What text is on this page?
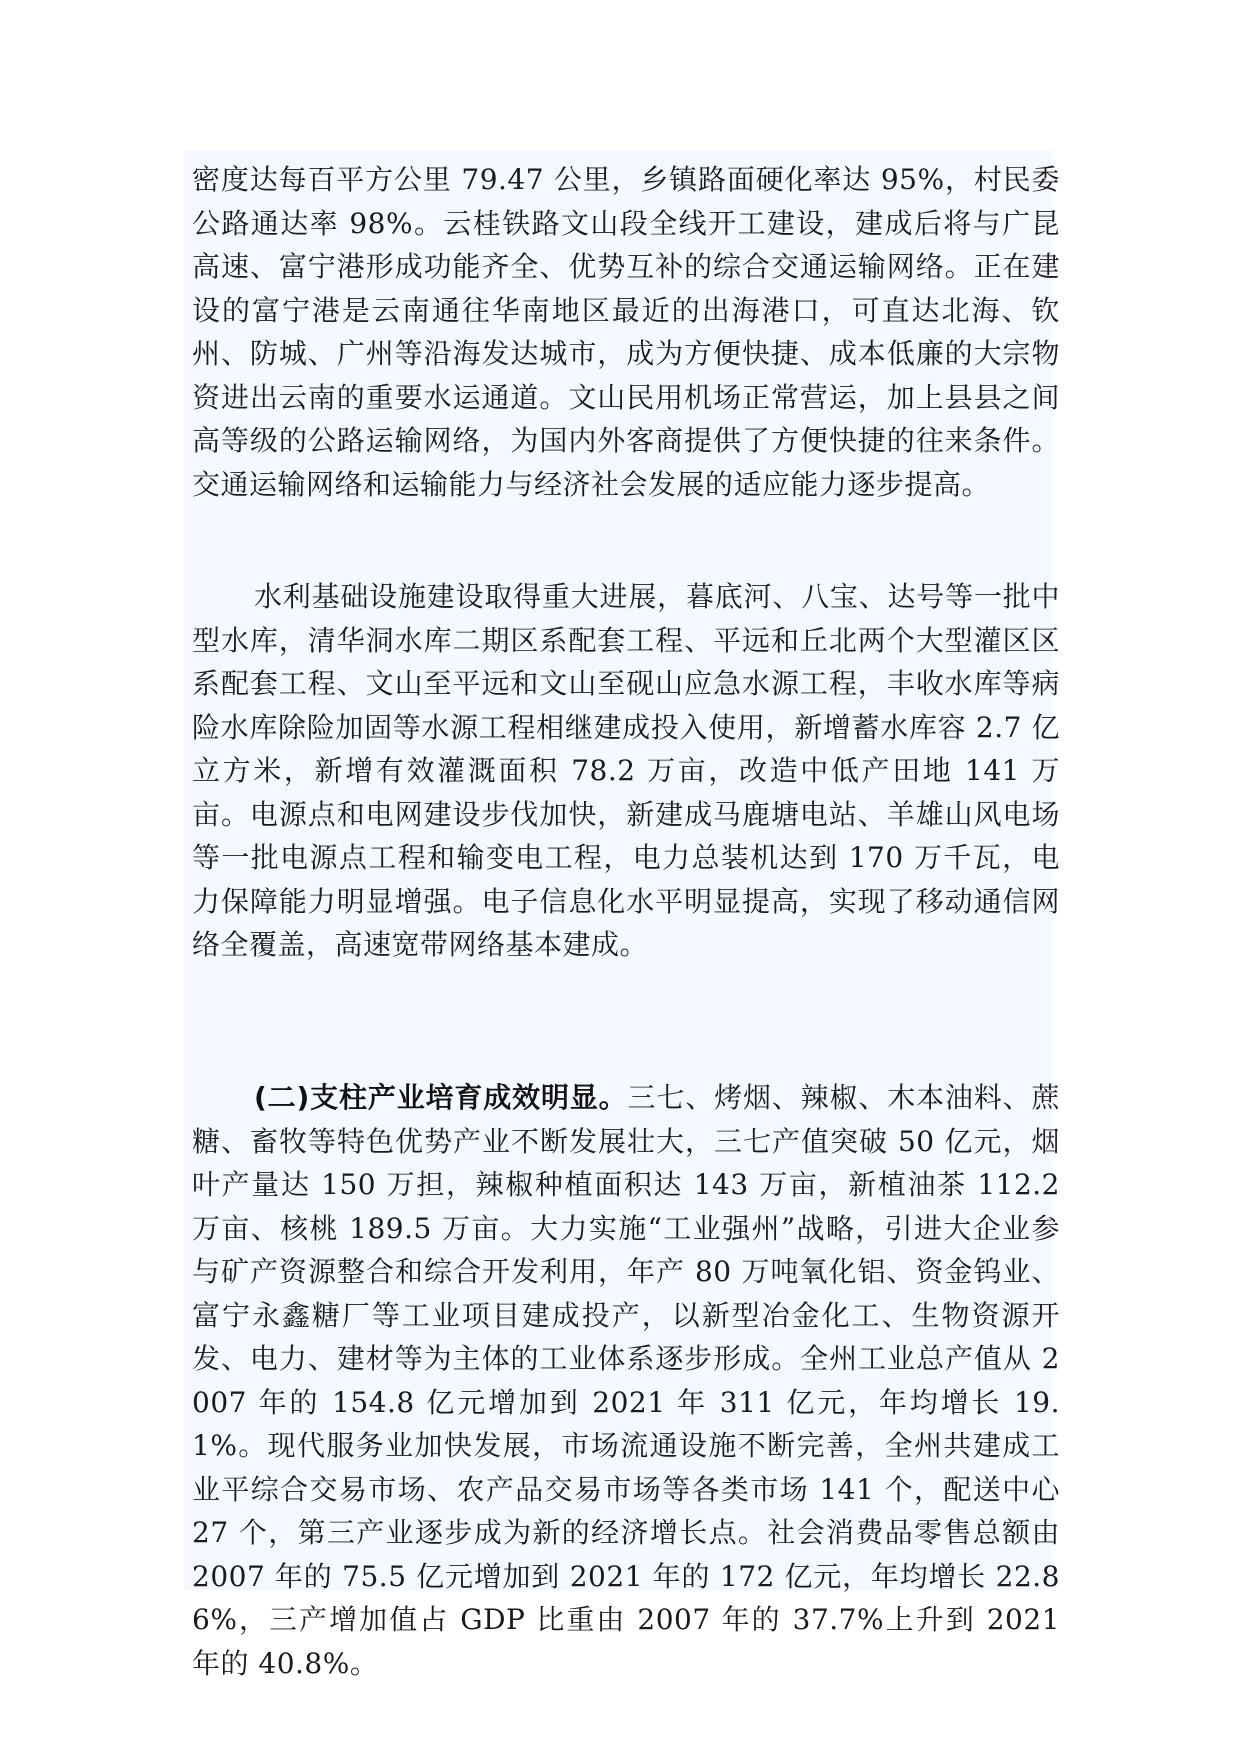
密度达每百平方公里 79.47 公里，乡镇路面硬化率达 95%，村民委公路通达率 98%。云桂铁路文山段全线开工建设，建成后将与广昆高速、富宁港形成功能齐全、优势互补的综合交通运输网络。正在建设的富宁港是云南通往华南地区最近的出海港口，可直达北海、钦州、防城、广州等沿海发达城市，成为方便快捷、成本低廉的大宗物资进出云南的重要水运通道。文山民用机场正常营运，加上县县之间高等级的公路运输网络，为国内外客商提供了方便快捷的往来条件。交通运输网络和运输能力与经济社会发展的适应能力逐步提高。

水利基础设施建设取得重大进展，暮底河、八宝、达号等一批中型水库，清华洞水库二期区系配套工程、平远和丘北两个大型灌区区系配套工程、文山至平远和文山至砚山应急水源工程，丰收水库等病险水库除险加固等水源工程相继建成投入使用，新增蓄水库容 2.7 亿立方米，新增有效灌溉面积 78.2 万亩，改造中低产田地 141 万亩。电源点和电网建设步伐加快，新建成马鹿塘电站、羊雄山风电场等一批电源点工程和输变电工程，电力总装机达到 170 万千瓦，电力保障能力明显增强。电子信息化水平明显提高，实现了移动通信网络全覆盖，高速宽带网络基本建成。

(二)支柱产业培育成效明显。三七、烤烟、辣椒、木本油料、蔗糖、畜牧等特色优势产业不断发展壮大，三七产值突破 50 亿元，烟叶产量达 150 万担，辣椒种植面积达 143 万亩，新植油茶 112.2 万亩、核桃 189.5 万亩。大力实施“工业强州”战略，引进大企业参与矿产资源整合和综合开发利用，年产 80 万吨氧化铝、资金钨业、富宁永鑫糖厂等工业项目建成投产，以新型冶金化工、生物资源开发、电力、建材等为主体的工业体系逐步形成。全州工业总产值从 2007 年的 154.8 亿元增加到 2021 年 311 亿元，年均增长 19.1%。现代服务业加快发展，市场流通设施不断完善，全州共建成工业平综合交易市场、农产品交易市场等各类市场 141 个，配送中心 27 个，第三产业逐步成为新的经济增长点。社会消费品零售总额由 2007 年的 75.5 亿元增加到 2021 年的 172 亿元，年均增长 22.86%，三产增加值占 GDP 比重由 2007 年的 37.7%上升到 2021 年的 40.8%。
